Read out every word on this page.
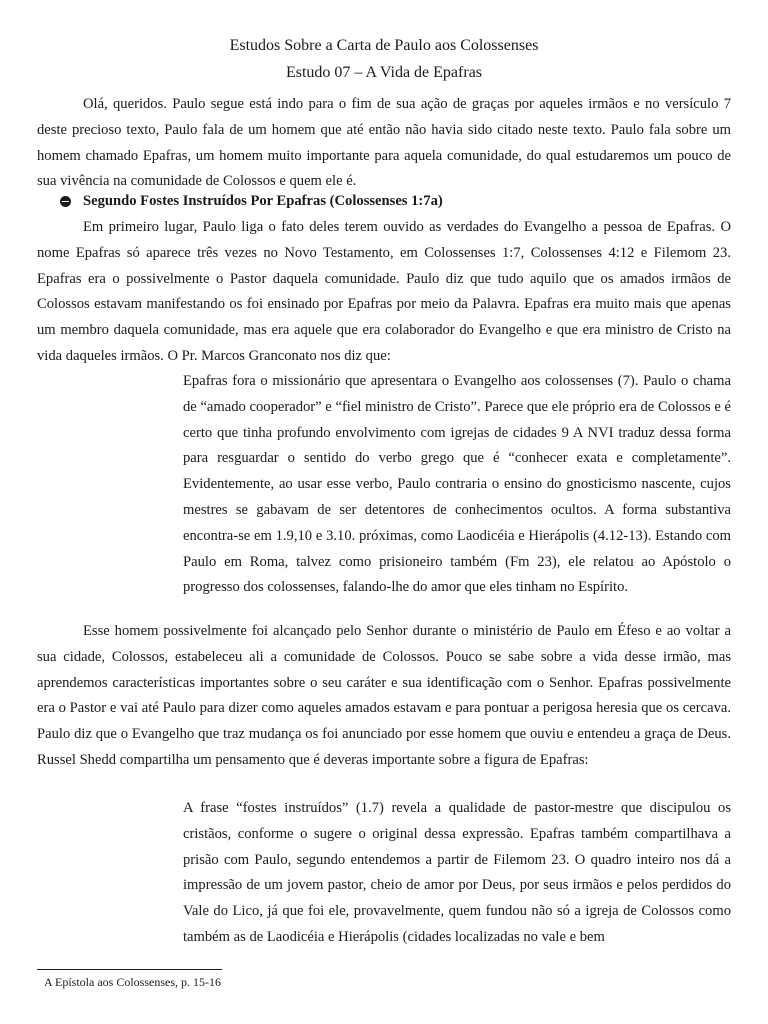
Estudos Sobre a Carta de Paulo aos Colossenses
Estudo 07 – A Vida de Epafras

Olá, queridos. Paulo segue está indo para o fim de sua ação de graças por aqueles irmãos e no versículo 7 deste precioso texto, Paulo fala de um homem que até então não havia sido citado neste texto. Paulo fala sobre um homem chamado Epafras, um homem muito importante para aquela comunidade, do qual estudaremos um pouco de sua vivência na comunidade de Colossos e quem ele é.

Segundo Fostes Instruídos Por Epafras (Colossenses 1:7a)

Em primeiro lugar, Paulo liga o fato deles terem ouvido as verdades do Evangelho a pessoa de Epafras. O nome Epafras só aparece três vezes no Novo Testamento, em Colossenses 1:7, Colossenses 4:12 e Filemom 23. Epafras era o possivelmente o Pastor daquela comunidade. Paulo diz que tudo aquilo que os amados irmãos de Colossos estavam manifestando os foi ensinado por Epafras por meio da Palavra. Epafras era muito mais que apenas um membro daquela comunidade, mas era aquele que era colaborador do Evangelho e que era ministro de Cristo na vida daqueles irmãos. O Pr. Marcos Granconato nos diz que:

Epafras fora o missionário que apresentara o Evangelho aos colossenses (7). Paulo o chama de “amado cooperador” e “fiel ministro de Cristo”. Parece que ele próprio era de Colossos e é certo que tinha profundo envolvimento com igrejas de cidades 9 A NVI traduz dessa forma para resguardar o sentido do verbo grego que é “conhecer exata e completamente”. Evidentemente, ao usar esse verbo, Paulo contraria o ensino do gnosticismo nascente, cujos mestres se gabavam de ser detentores de conhecimentos ocultos. A forma substantiva encontra-se em 1.9,10 e 3.10. próximas, como Laodicéia e Hierápolis (4.12-13). Estando com Paulo em Roma, talvez como prisioneiro também (Fm 23), ele relatou ao Apóstolo o progresso dos colossenses, falando-lhe do amor que eles tinham no Espírito.

Esse homem possivelmente foi alcançado pelo Senhor durante o ministério de Paulo em Éfeso e ao voltar a sua cidade, Colossos, estabeleceu ali a comunidade de Colossos. Pouco se sabe sobre a vida desse irmão, mas aprendemos características importantes sobre o seu caráter e sua identificação com o Senhor. Epafras possivelmente era o Pastor e vai até Paulo para dizer como aqueles amados estavam e para pontuar a perigosa heresia que os cercava. Paulo diz que o Evangelho que traz mudança os foi anunciado por esse homem que ouviu e entendeu a graça de Deus. Russel Shedd compartilha um pensamento que é deveras importante sobre a figura de Epafras:

A frase “fostes instruídos” (1.7) revela a qualidade de pastor-mestre que discipulou os cristãos, conforme o sugere o original dessa expressão. Epafras também compartilhava a prisão com Paulo, segundo entendemos a partir de Filemom 23. O quadro inteiro nos dá a impressão de um jovem pastor, cheio de amor por Deus, por seus irmãos e pelos perdidos do Vale do Lico, já que foi ele, provavelmente, quem fundou não só a igreja de Colossos como também as de Laodicéia e Hierápolis (cidades localizadas no vale e bem

A Epístola aos Colossenses, p. 15-16
